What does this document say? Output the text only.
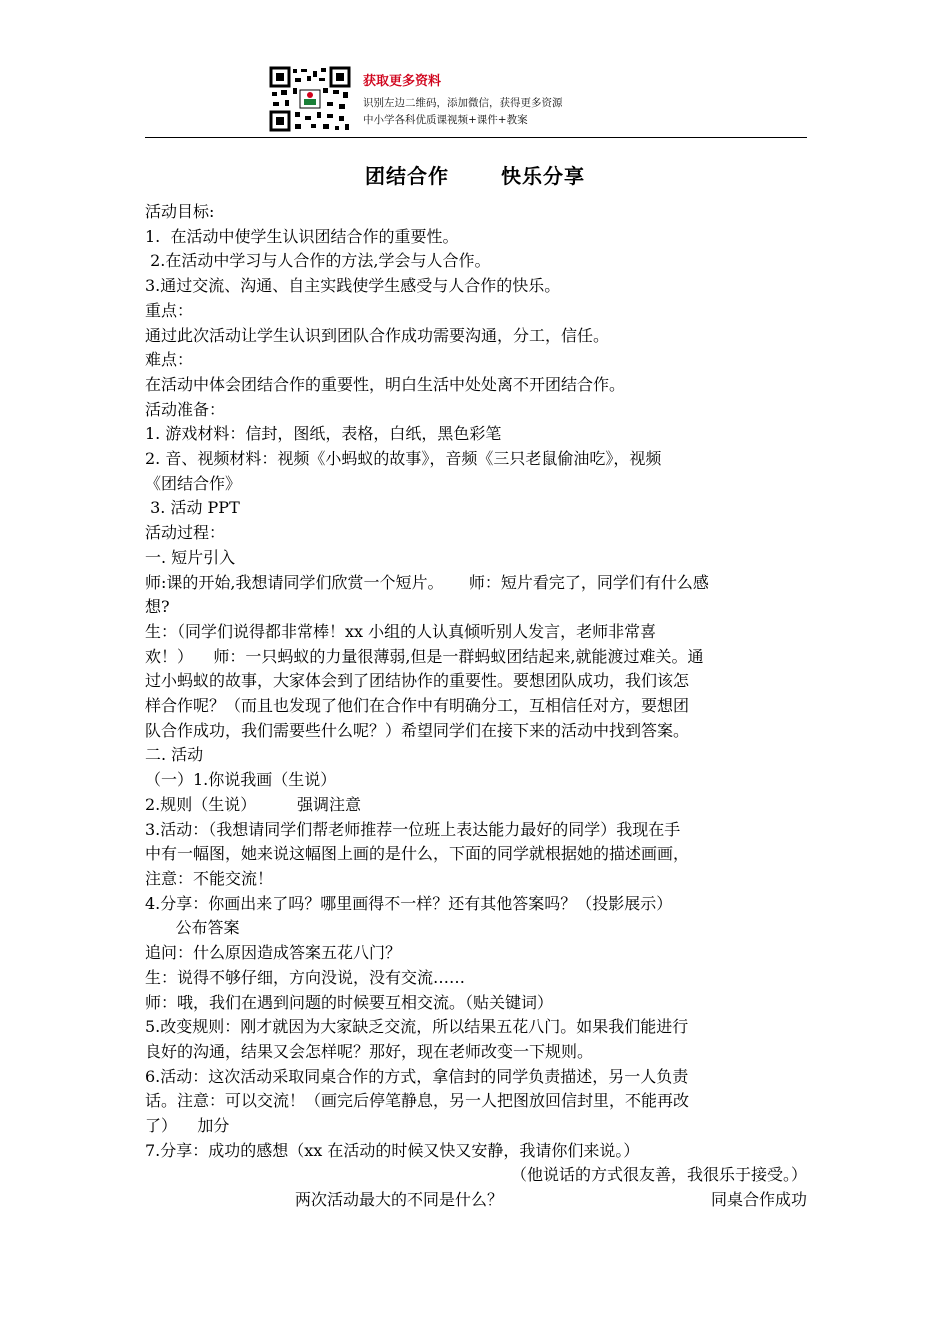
获取更多资料
识别左边二维码，添加微信，获得更多资源
中小学各科优质课视频+课件+教案
团结合作	快乐分享

活动目标:

1.  在活动中使学生认识团结合作的重要性。

2.在活动中学习与人合作的方法,学会与人合作。

3.通过交流、沟通、自主实践使学生感受与人合作的快乐。

重点：

通过此次活动让学生认识到团队合作成功需要沟通，分工，信任。

难点：

在活动中体会团结合作的重要性，明白生活中处处离不开团结合作。

活动准备：

1. 游戏材料：信封，图纸，表格，白纸，黑色彩笔

2. 音、视频材料：视频《小蚂蚁的故事》，音频《三只老鼠偷油吃》，视频

《团结合作》

3. 活动 PPT

活动过程：

一. 短片引入

师:课的开始,我想请同学们欣赏一个短片。     师：短片看完了，同学们有什么感

想?

生：（同学们说得都非常棒！xx 小组的人认真倾听别人发言，老师非常喜

欢！）    师：一只蚂蚁的力量很薄弱,但是一群蚂蚁团结起来,就能渡过难关。通

过小蚂蚁的故事，大家体会到了团结协作的重要性。要想团队成功，我们该怎

样合作呢？（而且也发现了他们在合作中有明确分工，互相信任对方，要想团

队合作成功，我们需要些什么呢？）希望同学们在接下来的活动中找到答案。

二. 活动

（一）1.你说我画（生说）

2.规则（生说）        强调注意

3.活动：（我想请同学们帮老师推荐一位班上表达能力最好的同学）我现在手

中有一幅图，她来说这幅图上画的是什么，下面的同学就根据她的描述画画，

注意：不能交流！

4.分享：你画出来了吗？哪里画得不一样？还有其他答案吗？（投影展示）

公布答案

追问：什么原因造成答案五花八门？

生：说得不够仔细，方向没说，没有交流……

师：哦，我们在遇到问题的时候要互相交流。（贴关键词）

5.改变规则：刚才就因为大家缺乏交流，所以结果五花八门。如果我们能进行

良好的沟通，结果又会怎样呢？那好，现在老师改变一下规则。

6.活动：这次活动采取同桌合作的方式，拿信封的同学负责描述，另一人负责

话。注意：可以交流！（画完后停笔静息，另一人把图放回信封里，不能再改

了）    加分

7.分享：成功的感想（xx 在活动的时候又快又安静，我请你们来说。）

（他说话的方式很友善，我很乐于接受。）

两次活动最大的不同是什么？	同桌合作成功
